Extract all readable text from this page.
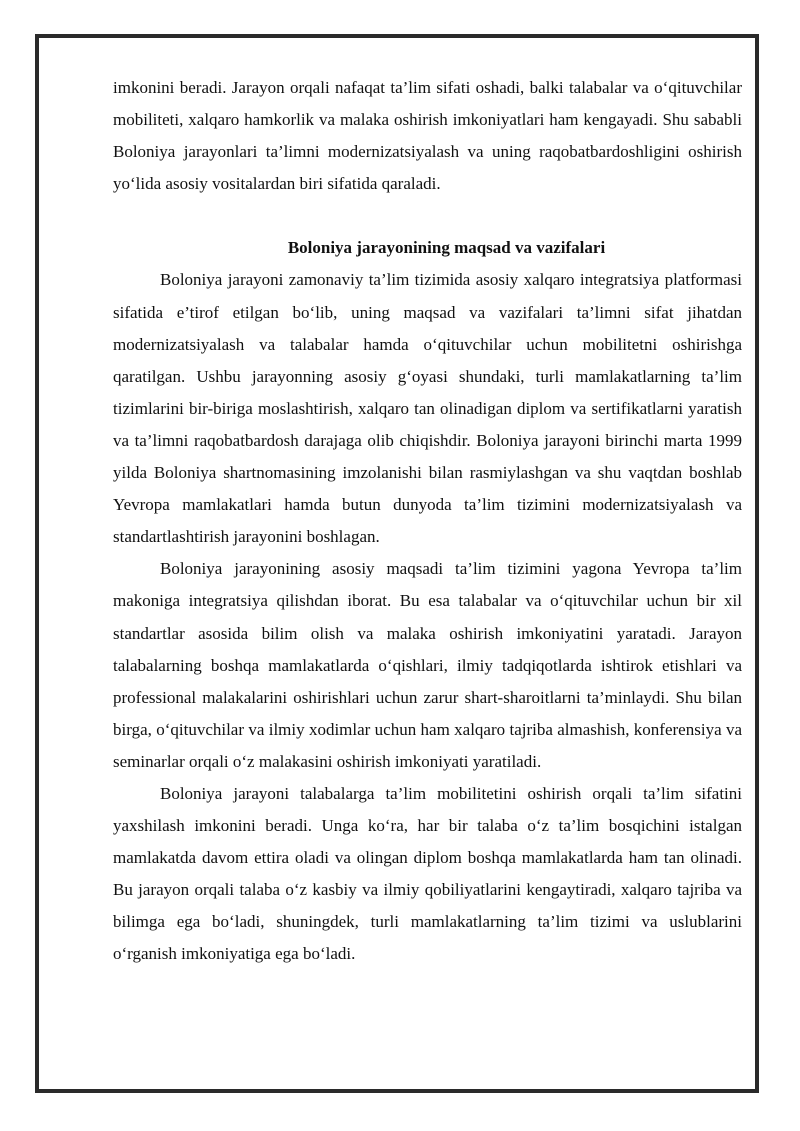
imkonini beradi. Jarayon orqali nafaqat ta’lim sifati oshadi, balki talabalar va o‘qituvchilar mobiliteti, xalqaro hamkorlik va malaka oshirish imkoniyatlari ham kengayadi. Shu sababli Boloniya jarayonlari ta’limni modernizatsiyalash va uning raqobatbardoshligini oshirish yo‘lida asosiy vositalardan biri sifatida qaraladi.

Boloniya jarayonining maqsad va vazifalari

Boloniya jarayoni zamonaviy ta’lim tizimida asosiy xalqaro integratsiya platformasi sifatida e’tirof etilgan bo‘lib, uning maqsad va vazifalari ta’limni sifat jihatdan modernizatsiyalash va talabalar hamda o‘qituvchilar uchun mobilitetni oshirishga qaratilgan. Ushbu jarayonning asosiy g‘oyasi shundaki, turli mamlakatlarning ta’lim tizimlarini bir-biriga moslashtirish, xalqaro tan olinadigan diplom va sertifikatlarni yaratish va ta’limni raqobatbardosh darajaga olib chiqishdir. Boloniya jarayoni birinchi marta 1999 yilda Boloniya shartnomasining imzolanishi bilan rasmiylashgan va shu vaqtdan boshlab Yevropa mamlakatlari hamda butun dunyoda ta’lim tizimini modernizatsiyalash va standartlashtirish jarayonini boshlagan.

Boloniya jarayonining asosiy maqsadi ta’lim tizimini yagona Yevropa ta’lim makoniga integratsiya qilishdan iborat. Bu esa talabalar va o‘qituvchilar uchun bir xil standartlar asosida bilim olish va malaka oshirish imkoniyatini yaratadi. Jarayon talabalarning boshqa mamlakatlarda o‘qishlari, ilmiy tadqiqotlarda ishtirok etishlari va professional malakalarini oshirishlari uchun zarur shart-sharoitlarni ta’minlaydi. Shu bilan birga, o‘qituvchilar va ilmiy xodimlar uchun ham xalqaro tajriba almashish, konferensiya va seminarlar orqali o‘z malakasini oshirish imkoniyati yaratiladi.

Boloniya jarayoni talabalarga ta’lim mobilitetini oshirish orqali ta’lim sifatini yaxshilash imkonini beradi. Unga ko‘ra, har bir talaba o‘z ta’lim bosqichini istalgan mamlakatda davom ettira oladi va olingan diplom boshqa mamlakatlarda ham tan olinadi. Bu jarayon orqali talaba o‘z kasbiy va ilmiy qobiliyatlarini kengaytiradi, xalqaro tajriba va bilimga ega bo‘ladi, shuningdek, turli mamlakatlarning ta’lim tizimi va uslublarini o‘rganish imkoniyatiga ega bo‘ladi.
